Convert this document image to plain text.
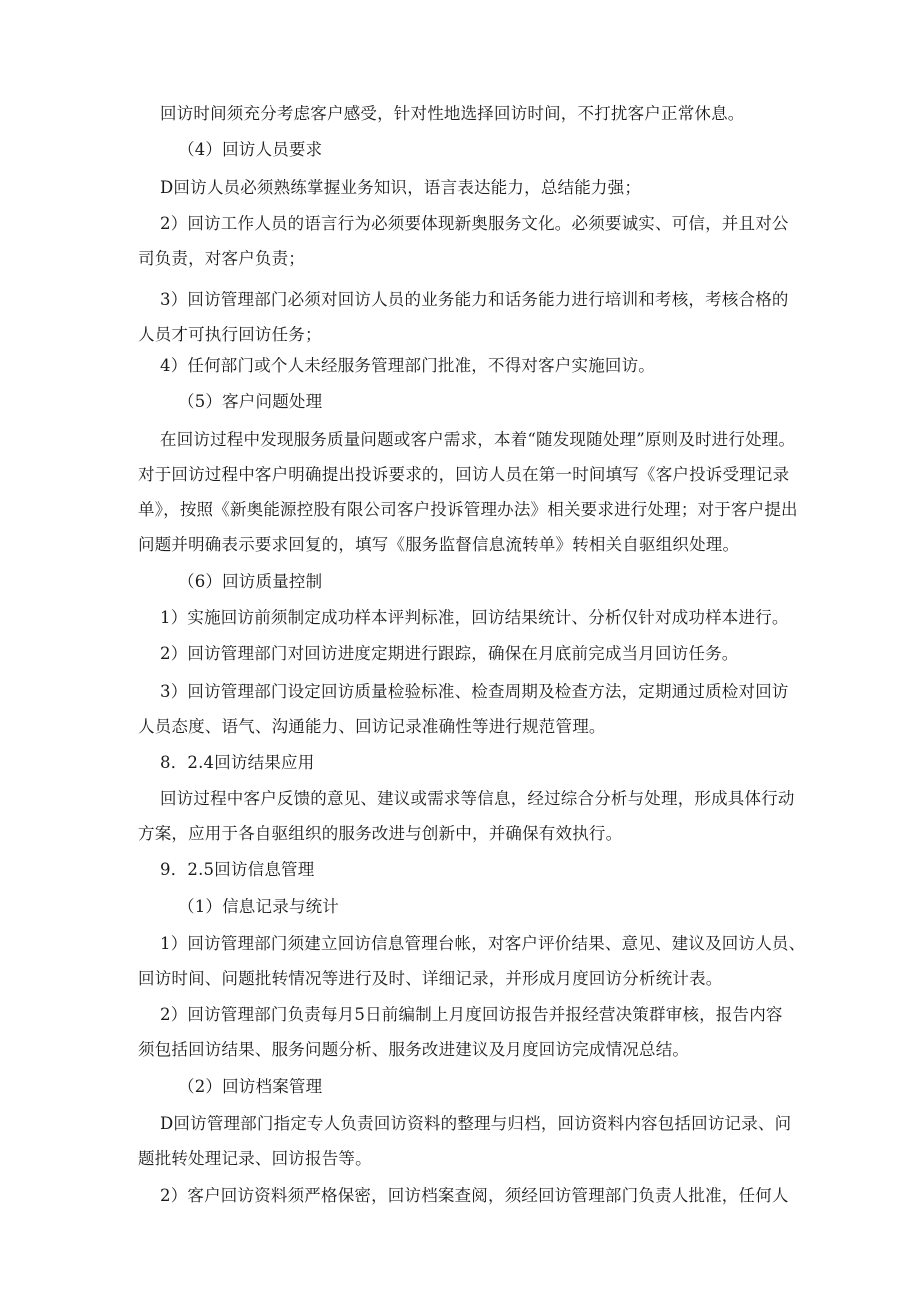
回访时间须充分考虑客户感受，针对性地选择回访时间，不打扰客户正常休息。
（4）回访人员要求
D回访人员必须熟练掌握业务知识，语言表达能力，总结能力强；
2）回访工作人员的语言行为必须要体现新奥服务文化。必须要诚实、可信，并且对公
司负责，对客户负责；
3）回访管理部门必须对回访人员的业务能力和话务能力进行培训和考核，考核合格的
人员才可执行回访任务；
4）任何部门或个人未经服务管理部门批准，不得对客户实施回访。
（5）客户问题处理
在回访过程中发现服务质量问题或客户需求，本着“随发现随处理”原则及时进行处理。
对于回访过程中客户明确提出投诉要求的，回访人员在第一时间填写《客户投诉受理记录
单》，按照《新奥能源控股有限公司客户投诉管理办法》相关要求进行处理；对于客户提出
问题并明确表示要求回复的，填写《服务监督信息流转单》转相关自驱组织处理。
（6）回访质量控制
1）实施回访前须制定成功样本评判标准，回访结果统计、分析仅针对成功样本进行。
2）回访管理部门对回访进度定期进行跟踪，确保在月底前完成当月回访任务。
3）回访管理部门设定回访质量检验标准、检查周期及检查方法，定期通过质检对回访
人员态度、语气、沟通能力、回访记录准确性等进行规范管理。
8．2.4回访结果应用
回访过程中客户反馈的意见、建议或需求等信息，经过综合分析与处理，形成具体行动
方案，应用于各自驱组织的服务改进与创新中，并确保有效执行。
9．2.5回访信息管理
（1）信息记录与统计
1）回访管理部门须建立回访信息管理台帐，对客户评价结果、意见、建议及回访人员、
回访时间、问题批转情况等进行及时、详细记录，并形成月度回访分析统计表。
2）回访管理部门负责每月5日前编制上月度回访报告并报经营决策群审核，报告内容
须包括回访结果、服务问题分析、服务改进建议及月度回访完成情况总结。
（2）回访档案管理
D回访管理部门指定专人负责回访资料的整理与归档，回访资料内容包括回访记录、问
题批转处理记录、回访报告等。
2）客户回访资料须严格保密，回访档案查阅，须经回访管理部门负责人批准，任何人
